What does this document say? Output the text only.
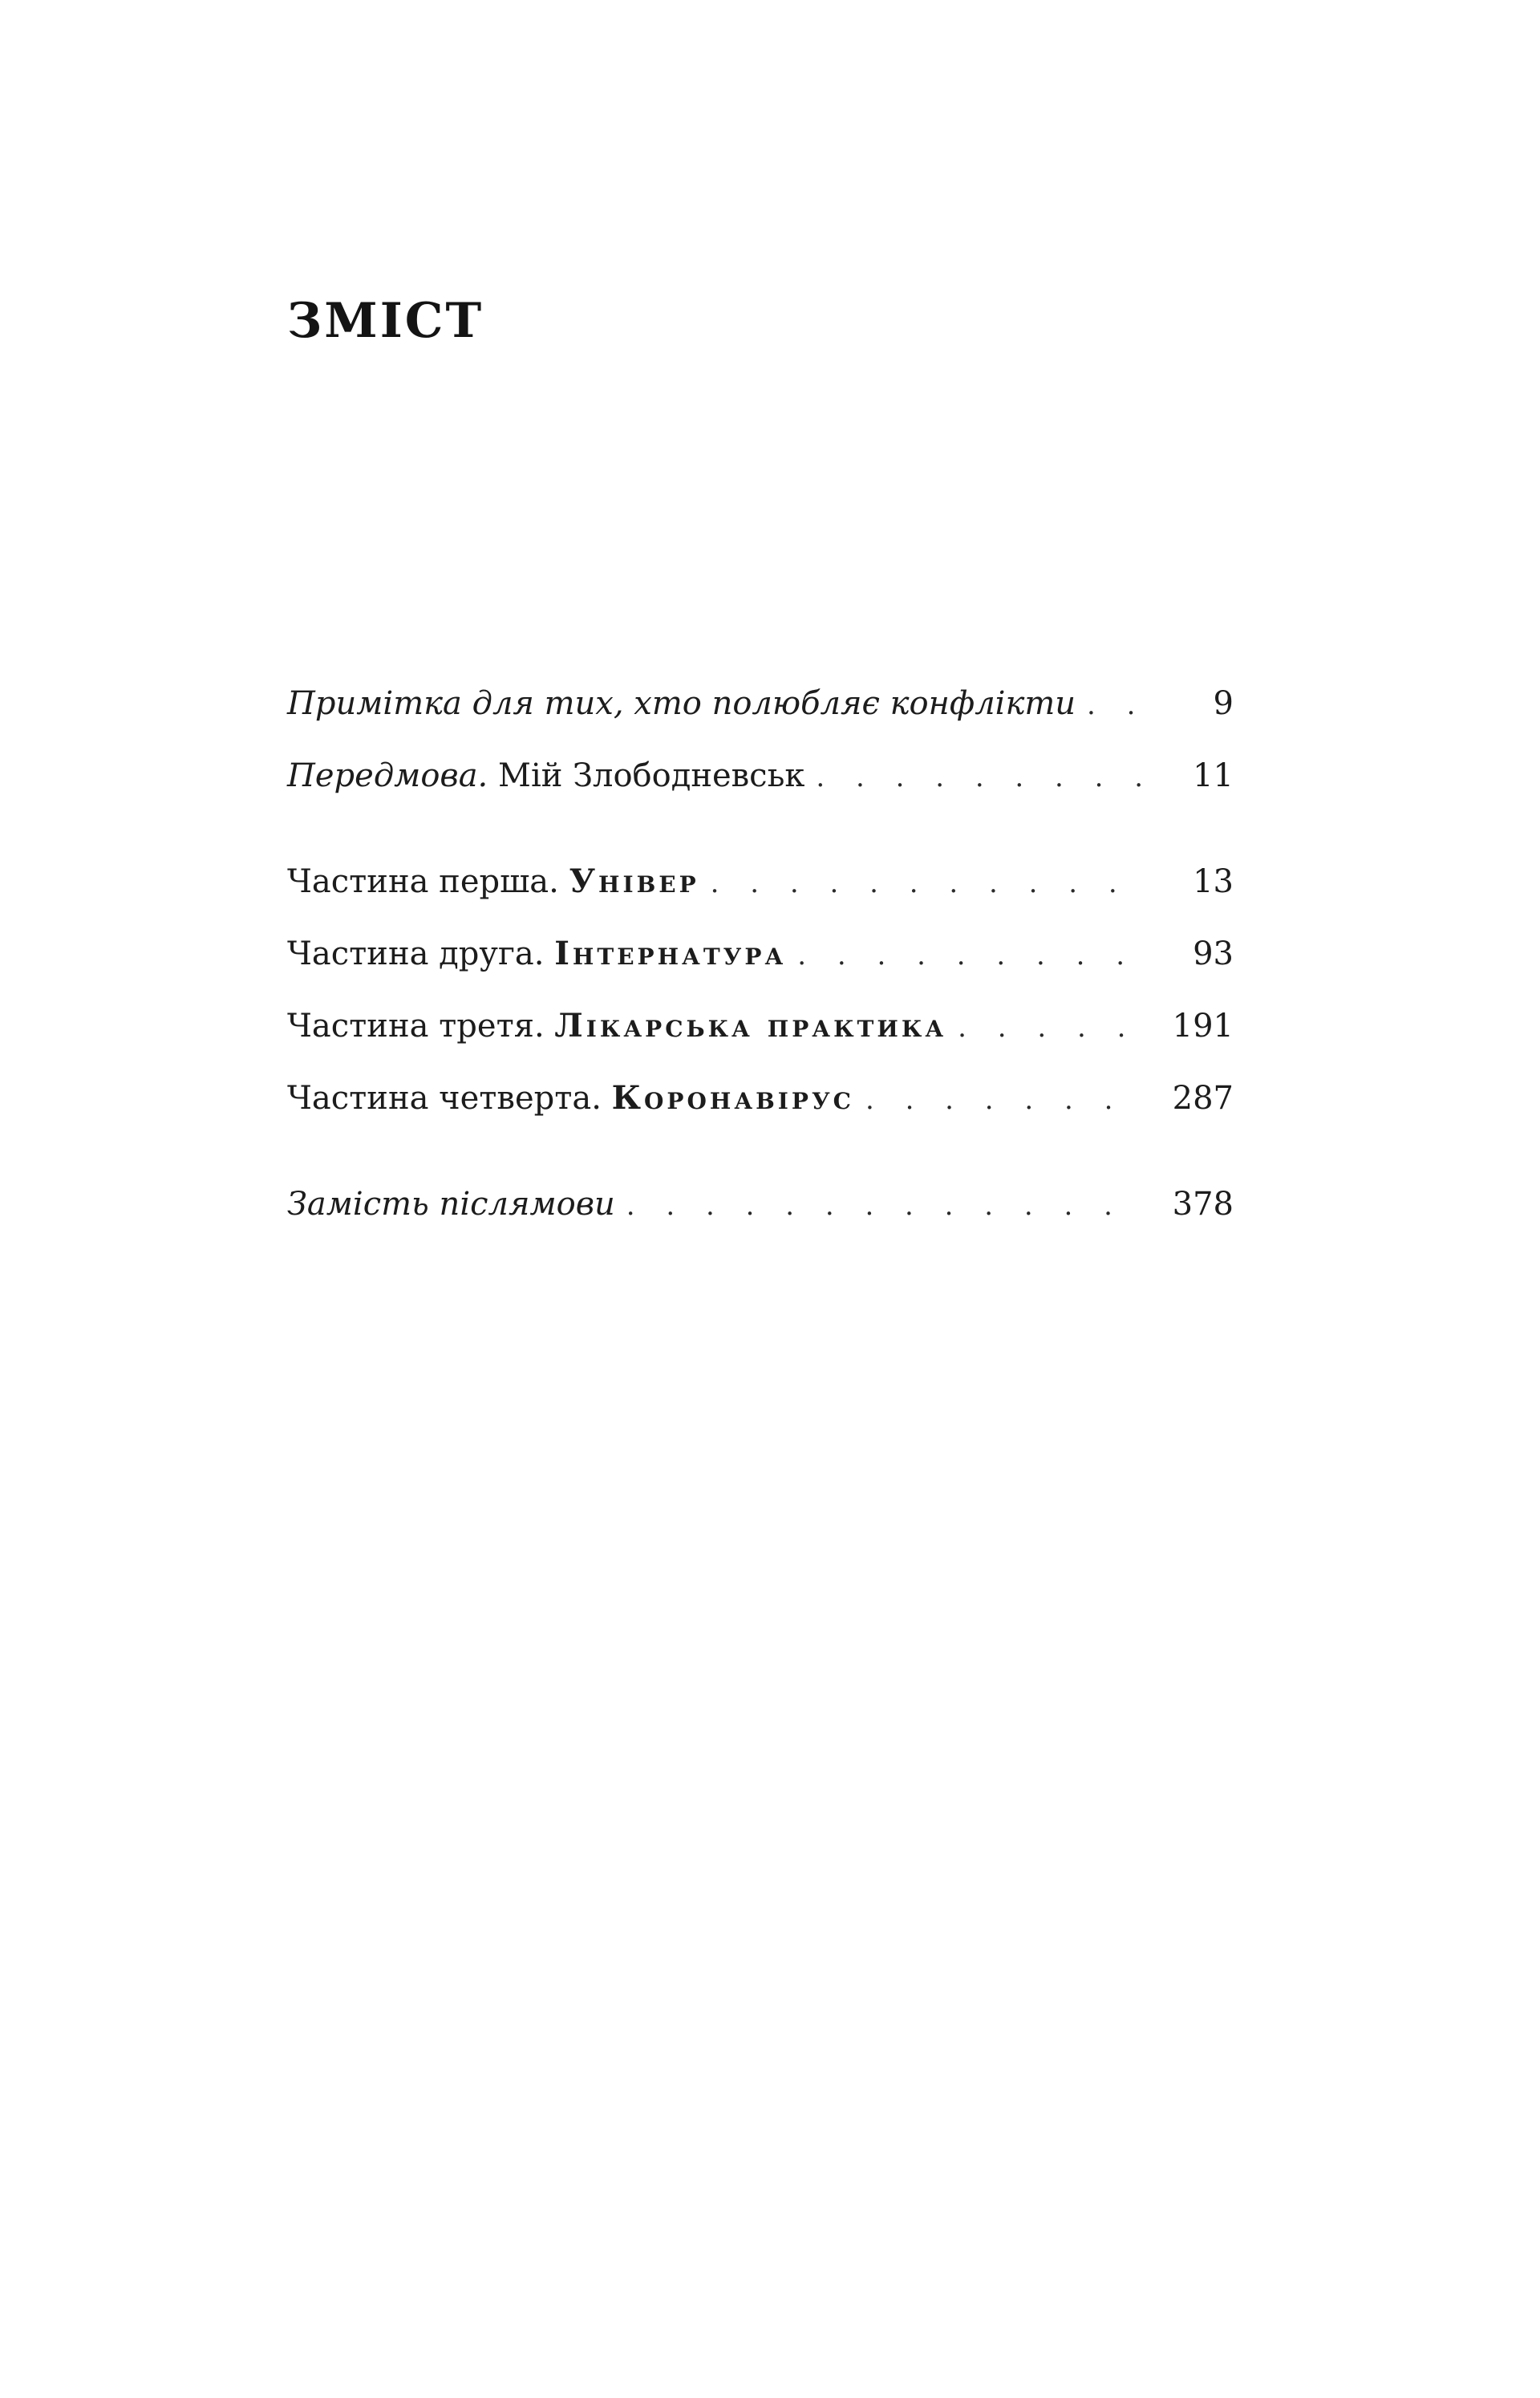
ЗМІСТ
Примітка для тих, хто полюбляє конфлікти . . .	9
Передмова. Мій Злободневськ . . .	11
Частина перша. Універ . . .	13
Частина друга. Інтернатура . . .	93
Частина третя. Лікарська практика . . .	191
Частина четверта. Коронавірус . . .	287
Замість післямови . . .	378
